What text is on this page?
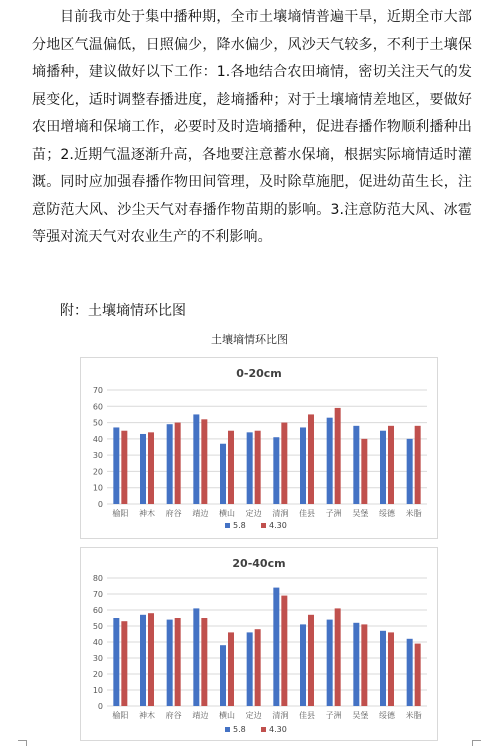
目前我市处于集中播种期，全市土壤墒情普遍干旱，近期全市大部分地区气温偏低，日照偏少，降水偏少，风沙天气较多，不利于土壤保墒播种，建议做好以下工作：1.各地结合农田墒情，密切关注天气的发展变化，适时调整春播进度，趁墒播种；对于土壤墒情差地区，要做好农田增墒和保墒工作，必要时及时造墒播种，促进春播作物顺利播种出苗；2.近期气温逐渐升高，各地要注意蓄水保墒，根据实际墒情适时灌溉。同时应加强春播作物田间管理，及时除草施肥，促进幼苗生长，注意防范大风、沙尘天气对春播作物苗期的影响。3.注意防范大风、冰雹等强对流天气对农业生产的不利影响。

附：土壤墒情环比图
土壤墒情环比图
0-20cm
0
10
20
30
40
50
60
70
榆阳 神木 府谷 靖边 横山 定边 清涧 佳县 子洲 吴堡 绥德 米脂
5.8	4.30
20-40cm
0
10
20
30
40
50
60
70
80
榆阳 神木 府谷 靖边 横山 定边 清涧 佳县 子洲 吴堡 绥德 米脂
5.8	4.30
